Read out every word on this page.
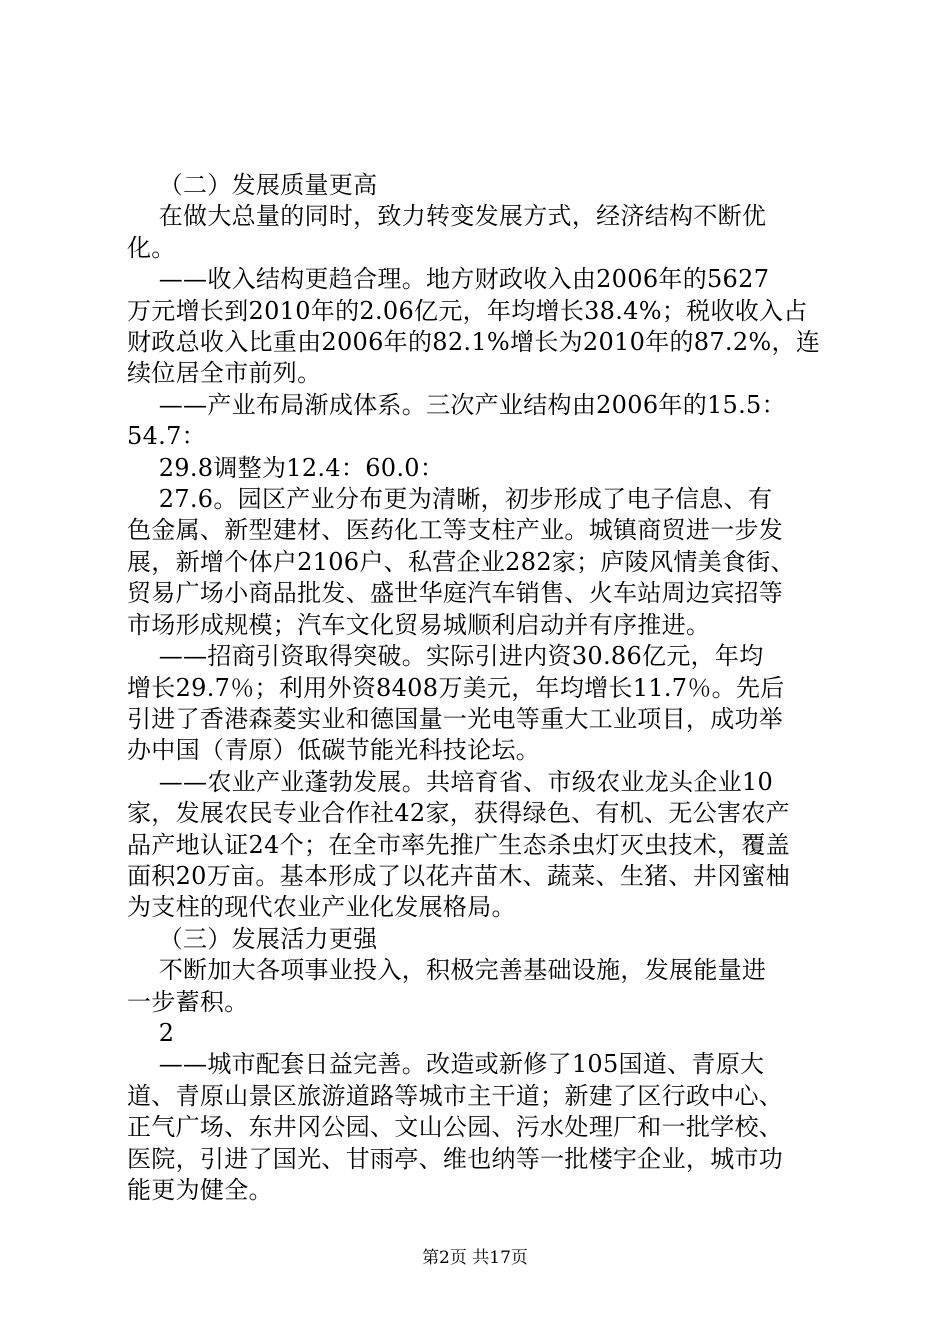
（二）发展质量更高
在做大总量的同时，致力转变发展方式，经济结构不断优
化。
——收入结构更趋合理。地方财政收入由2006年的5627
万元增长到2010年的2.06亿元，年均增长38.4%；税收收入占
财政总收入比重由2006年的82.1%增长为2010年的87.2%，连
续位居全市前列。
——产业布局渐成体系。三次产业结构由2006年的15.5：
54.7：
29.8调整为12.4：60.0：
27.6。园区产业分布更为清晰，初步形成了电子信息、有
色金属、新型建材、医药化工等支柱产业。城镇商贸进一步发
展，新增个体户2106户、私营企业282家；庐陵风情美食街、
贸易广场小商品批发、盛世华庭汽车销售、火车站周边宾招等
市场形成规模；汽车文化贸易城顺利启动并有序推进。
——招商引资取得突破。实际引进内资30.86亿元，年均
增长29.7％；利用外资8408万美元，年均增长11.7％。先后
引进了香港森菱实业和德国量一光电等重大工业项目，成功举
办中国（青原）低碳节能光科技论坛。
——农业产业蓬勃发展。共培育省、市级农业龙头企业10
家，发展农民专业合作社42家，获得绿色、有机、无公害农产
品产地认证24个；在全市率先推广生态杀虫灯灭虫技术，覆盖
面积20万亩。基本形成了以花卉苗木、蔬菜、生猪、井冈蜜柚
为支柱的现代农业产业化发展格局。
（三）发展活力更强
不断加大各项事业投入，积极完善基础设施，发展能量进
一步蓄积。
2
——城市配套日益完善。改造或新修了105国道、青原大
道、青原山景区旅游道路等城市主干道；新建了区行政中心、
正气广场、东井冈公园、文山公园、污水处理厂和一批学校、
医院，引进了国光、甘雨亭、维也纳等一批楼宇企业，城市功
能更为健全。
第2页 共17页
